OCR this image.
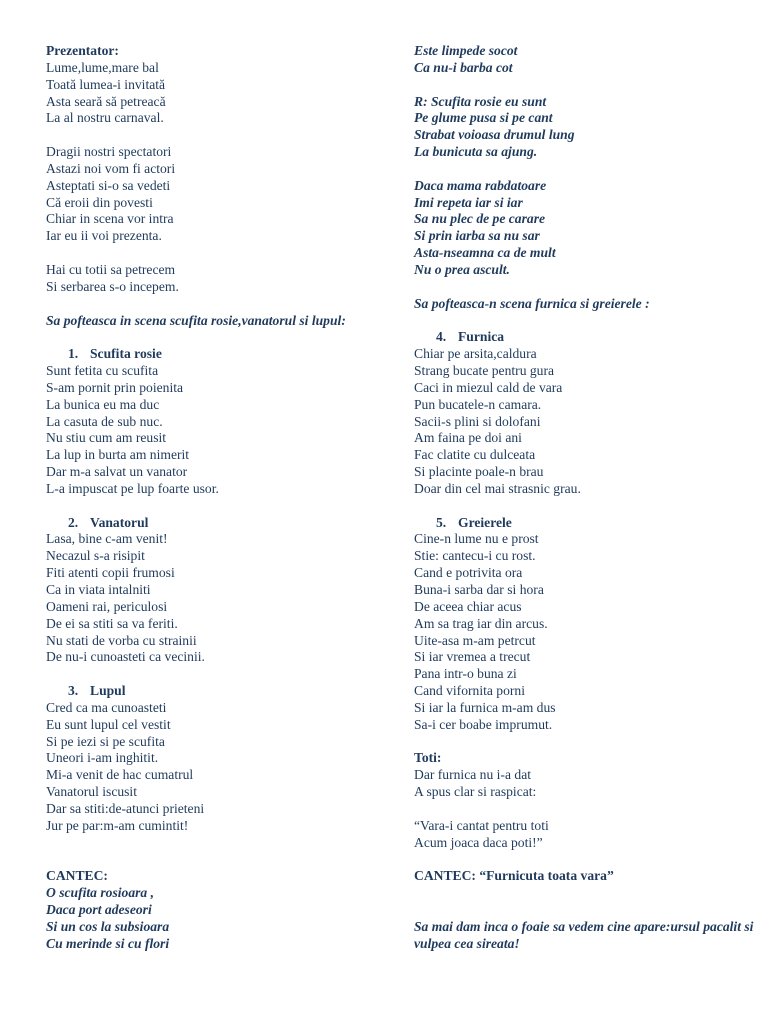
Prezentator:
Lume,lume,mare bal
Toată lumea-i invitată
Asta seară să petreacă
La al nostru carnaval.
Dragii nostri spectatori
Astazi noi vom fi actori
Asteptati si-o sa vedeti
Că eroii din povesti
Chiar in scena vor intra
Iar eu ii voi prezenta.
Hai cu totii sa petrecem
Si serbarea s-o incepem.
Sa pofteasca in scena scufita rosie,vanatorul si lupul:
1. Scufita rosie
Sunt fetita cu scufita
S-am pornit prin poienita
La bunica eu ma duc
La casuta de sub nuc.
Nu stiu cum am reusit
La lup in burta am nimerit
Dar m-a salvat un vanator
L-a impuscat pe lup foarte usor.
2. Vanatorul
Lasa, bine c-am venit!
Necazul s-a risipit
Fiti atenti copii frumosi
Ca in viata intalniti
Oameni rai, periculosi
De ei sa stiti sa va feriti.
Nu stati de vorba cu strainii
De nu-i cunoasteti ca vecinii.
3. Lupul
Cred ca ma cunoasteti
Eu sunt lupul cel vestit
Si pe iezi si pe scufita
Uneori i-am inghitit.
Mi-a venit de hac cumatrul
Vanatorul iscusit
Dar sa stiti:de-atunci prieteni
Jur pe par:m-am cumintit!
CANTEC:
O scufita rosioara ,
Daca port adeseori
Si un cos la subsioara
Cu merinde si cu flori
Este limpede socot
Ca nu-i barba cot
R: Scufita rosie eu sunt
Pe glume pusa si pe cant
Strabat voioasa drumul lung
La bunicuta sa ajung.
Daca mama rabdatoare
Imi repeta iar si iar
Sa nu plec de pe carare
Si prin iarba sa nu sar
Asta-nseamna ca de mult
Nu o prea ascult.
Sa pofteasca-n scena furnica si greierele :
4. Furnica
Chiar pe arsita,caldura
Strang bucate pentru gura
Caci in miezul cald de vara
Pun bucatele-n camara.
Sacii-s plini si dolofani
Am faina pe doi ani
Fac clatite cu dulceata
Si placinte poale-n brau
Doar din cel mai strasnic grau.
5. Greierele
Cine-n lume nu e prost
Stie: cantecu-i cu rost.
Cand e potrivita ora
Buna-i sarba dar si hora
De aceea chiar acus
Am sa trag iar din arcus.
Uite-asa m-am petrcut
Si iar vremea a trecut
Pana intr-o buna zi
Cand vifornita porni
Si iar la furnica m-am dus
Sa-i cer boabe imprumut.
Toti:
Dar furnica nu i-a dat
A spus clar si raspicat:
“Vara-i cantat pentru toti
Acum joaca daca poti!”
CANTEC: “Furnicuta toata vara”
Sa mai dam inca o foaie sa vedem cine apare:ursul pacalit si vulpea cea sireata!
